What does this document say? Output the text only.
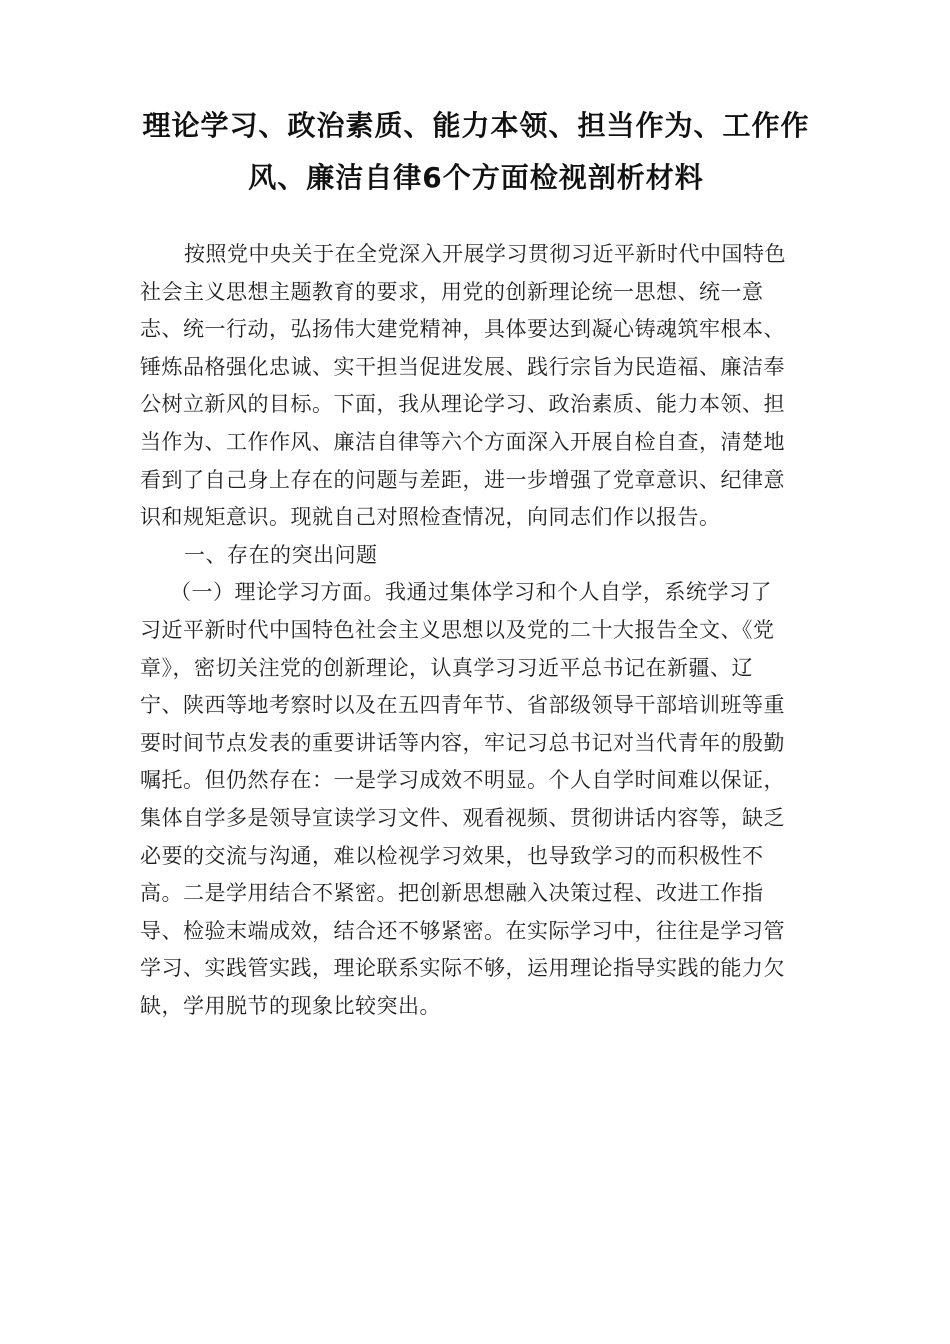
理论学习、政治素质、能力本领、担当作为、工作作
风、廉洁自律6个方面检视剖析材料
按照党中央关于在全党深入开展学习贯彻习近平新时代中国特色
社会主义思想主题教育的要求，用党的创新理论统一思想、统一意
志、统一行动，弘扬伟大建党精神，具体要达到凝心铸魂筑牢根本、
锤炼品格强化忠诚、实干担当促进发展、践行宗旨为民造福、廉洁奉
公树立新风的目标。下面，我从理论学习、政治素质、能力本领、担
当作为、工作作风、廉洁自律等六个方面深入开展自检自查，清楚地
看到了自己身上存在的问题与差距，进一步增强了党章意识、纪律意
识和规矩意识。现就自己对照检查情况，向同志们作以报告。
一、存在的突出问题
（一）理论学习方面。我通过集体学习和个人自学，系统学习了
习近平新时代中国特色社会主义思想以及党的二十大报告全文、《党
章》，密切关注党的创新理论，认真学习习近平总书记在新疆、辽
宁、陕西等地考察时以及在五四青年节、省部级领导干部培训班等重
要时间节点发表的重要讲话等内容，牢记习总书记对当代青年的殷勤
嘱托。但仍然存在：一是学习成效不明显。个人自学时间难以保证，
集体自学多是领导宣读学习文件、观看视频、贯彻讲话内容等，缺乏
必要的交流与沟通，难以检视学习效果，也导致学习的而积极性不
高。二是学用结合不紧密。把创新思想融入决策过程、改进工作指
导、检验末端成效，结合还不够紧密。在实际学习中，往往是学习管
学习、实践管实践，理论联系实际不够，运用理论指导实践的能力欠
缺，学用脱节的现象比较突出。
